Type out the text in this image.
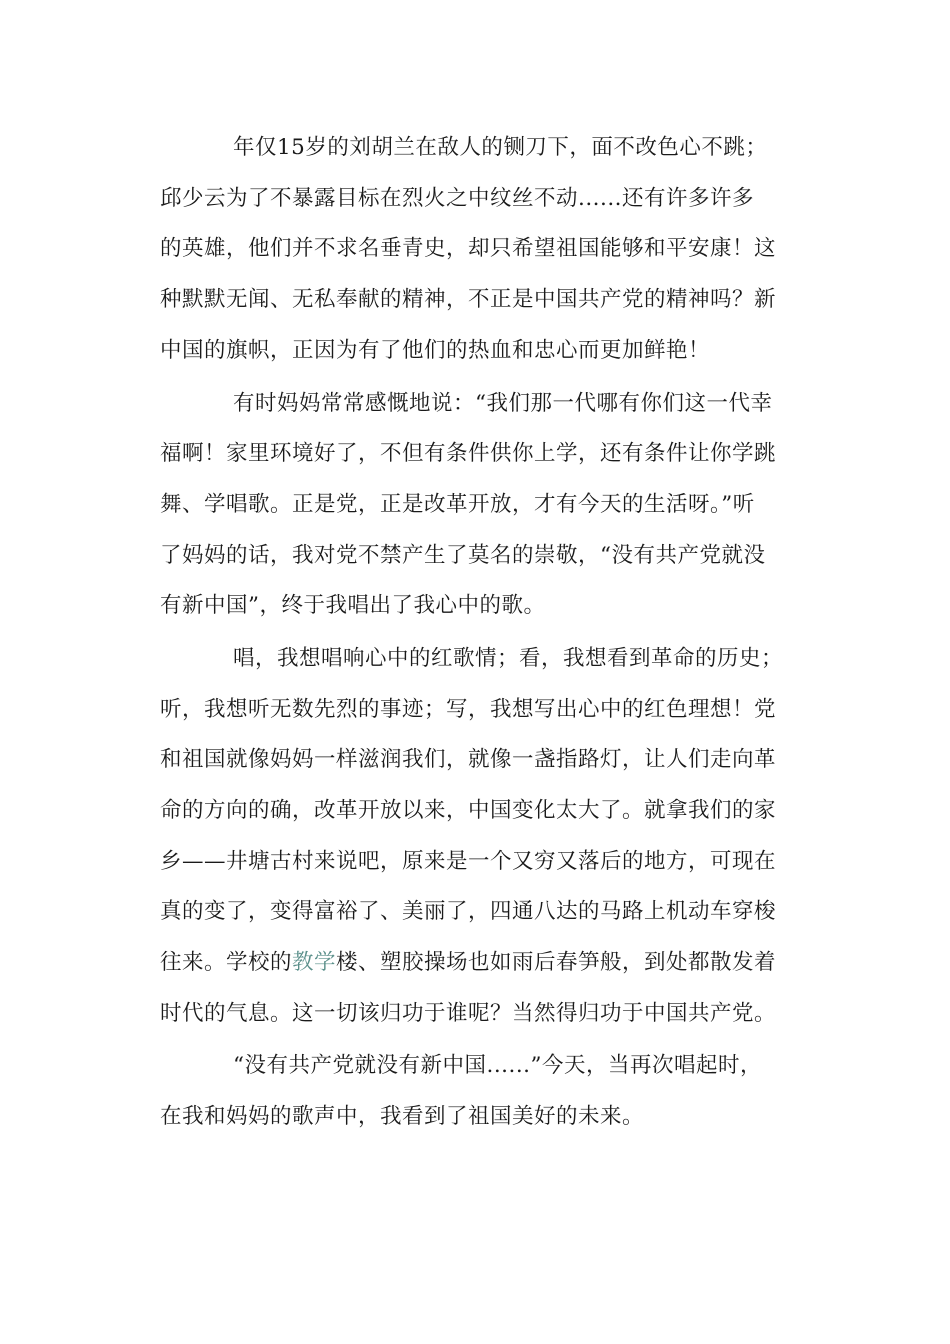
年仅15岁的刘胡兰在敌人的铡刀下，面不改色心不跳；
邱少云为了不暴露目标在烈火之中纹丝不动......还有许多许多
的英雄，他们并不求名垂青史，却只希望祖国能够和平安康！这
种默默无闻、无私奉献的精神，不正是中国共产党的精神吗？新
中国的旗帜，正因为有了他们的热血和忠心而更加鲜艳！
有时妈妈常常感慨地说：“我们那一代哪有你们这一代幸
福啊！家里环境好了，不但有条件供你上学，还有条件让你学跳
舞、学唱歌。正是党，正是改革开放，才有今天的生活呀。”听
了妈妈的话，我对党不禁产生了莫名的崇敬，“没有共产党就没
有新中国”，终于我唱出了我心中的歌。
唱，我想唱响心中的红歌情；看，我想看到革命的历史；
听，我想听无数先烈的事迹；写，我想写出心中的红色理想！党
和祖国就像妈妈一样滋润我们，就像一盏指路灯，让人们走向革
命的方向的确，改革开放以来，中国变化太大了。就拿我们的家
乡——井塘古村来说吧，原来是一个又穷又落后的地方，可现在
真的变了，变得富裕了、美丽了，四通八达的马路上机动车穿梭
往来。学校的教学楼、塑胶操场也如雨后春笋般，到处都散发着
时代的气息。这一切该归功于谁呢？当然得归功于中国共产党。
“没有共产党就没有新中国......”今天，当再次唱起时，
在我和妈妈的歌声中，我看到了祖国美好的未来。
